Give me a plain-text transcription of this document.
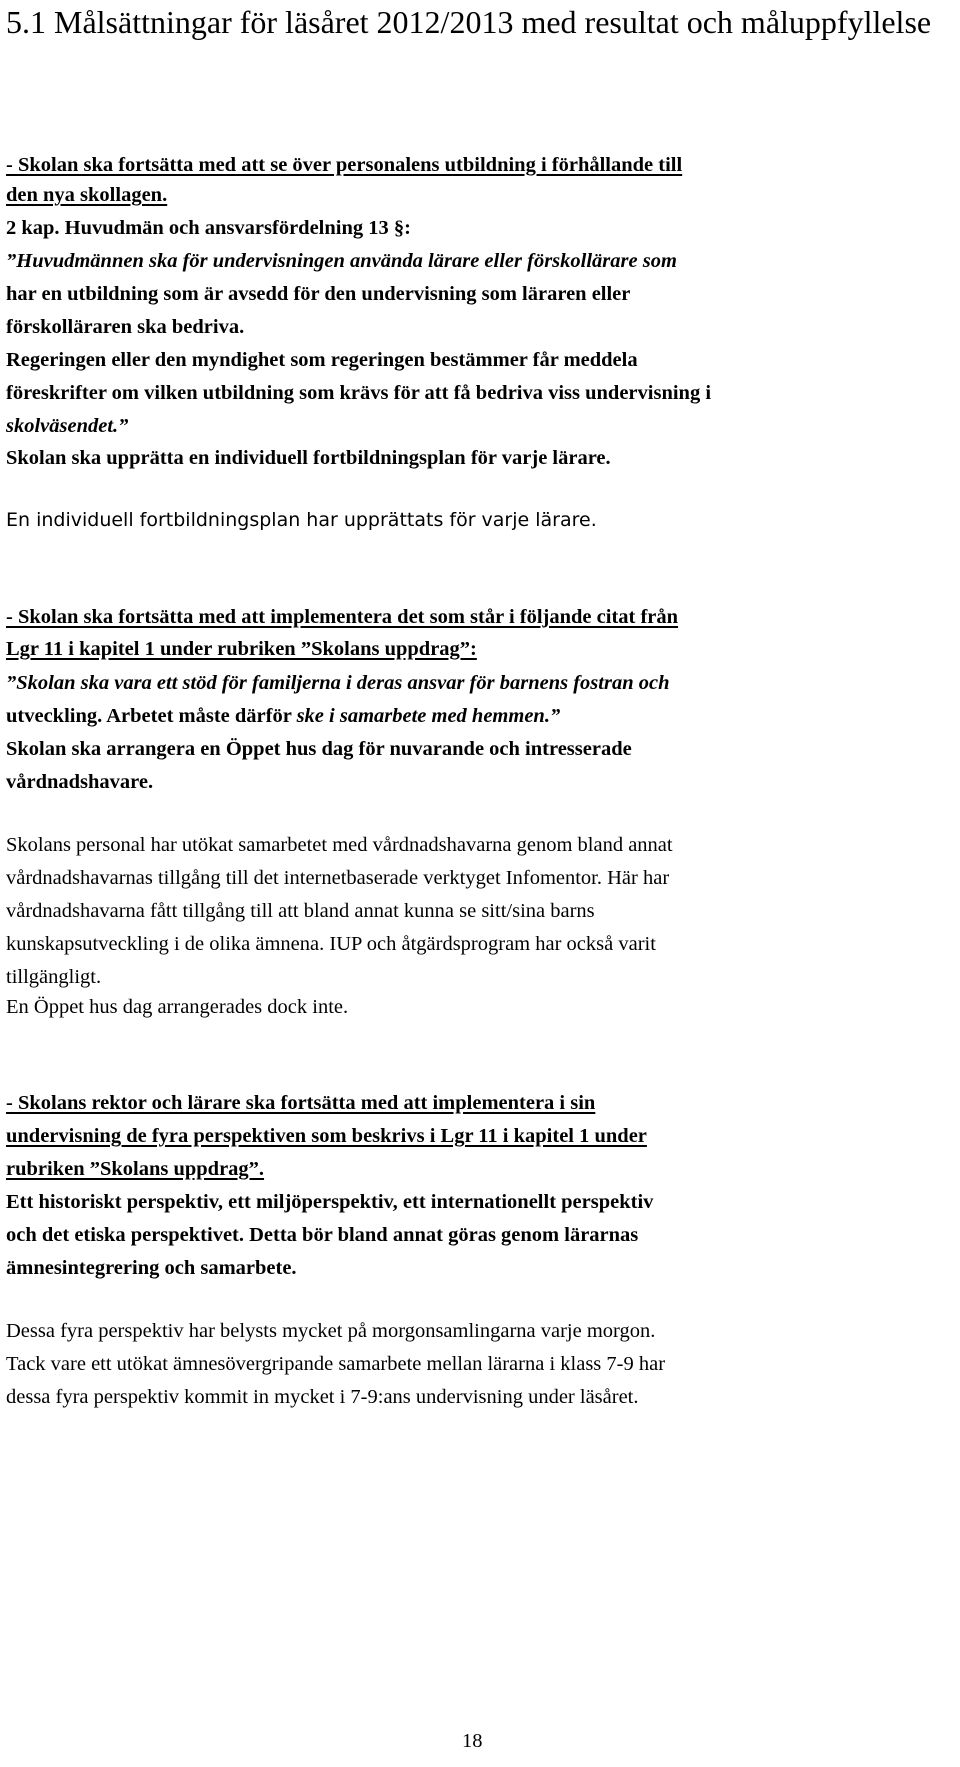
5.1 Målsättningar för läsåret 2012/2013 med resultat och måluppfyllelse
- Skolan ska fortsätta med att se över personalens utbildning i förhållande till
den nya skollagen.
2 kap. Huvudmän och ansvarsfördelning 13 §:
”Huvudmännen ska för undervisningen använda lärare eller förskollärare som
har en utbildning som är avsedd för den undervisning som läraren eller
förskolläraren ska bedriva.
Regeringen eller den myndighet som regeringen bestämmer får meddela
föreskrifter om vilken utbildning som krävs för att få bedriva viss undervisning i
skolväsendet.”
Skolan ska upprätta en individuell fortbildningsplan för varje lärare.
En individuell fortbildningsplan har upprättats för varje lärare.
- Skolan ska fortsätta med att implementera det som står i följande citat från
Lgr 11 i kapitel 1 under rubriken ”Skolans uppdrag”:
”Skolan ska vara ett stöd för familjerna i deras ansvar för barnens fostran och
utveckling. Arbetet måste därför ske i samarbete med hemmen.”
Skolan ska arrangera en Öppet hus dag för nuvarande och intresserade
vårdnadshavare.
Skolans personal har utökat samarbetet med vårdnadshavarna genom bland annat
vårdnadshavarnas tillgång till det internetbaserade verktyget Infomentor. Här har
vårdnadshavarna fått tillgång till att bland annat kunna se sitt/sina barns
kunskapsutveckling i de olika ämnena. IUP och åtgärdsprogram har också varit
tillgängligt.
En Öppet hus dag arrangerades dock inte.
- Skolans rektor och lärare ska fortsätta med att implementera i sin
undervisning de fyra perspektiven som beskrivs i Lgr 11 i kapitel 1 under
rubriken ”Skolans uppdrag”.
Ett historiskt perspektiv, ett miljöperspektiv, ett internationellt perspektiv
och det etiska perspektivet. Detta bör bland annat göras genom lärarnas
ämnesintegrering och samarbete.
Dessa fyra perspektiv har belysts mycket på morgonsamlingarna varje morgon.
Tack vare ett utökat ämnesövergripande samarbete mellan lärarna i klass 7-9 har
dessa fyra perspektiv kommit in mycket i 7-9:ans undervisning under läsåret.
18
